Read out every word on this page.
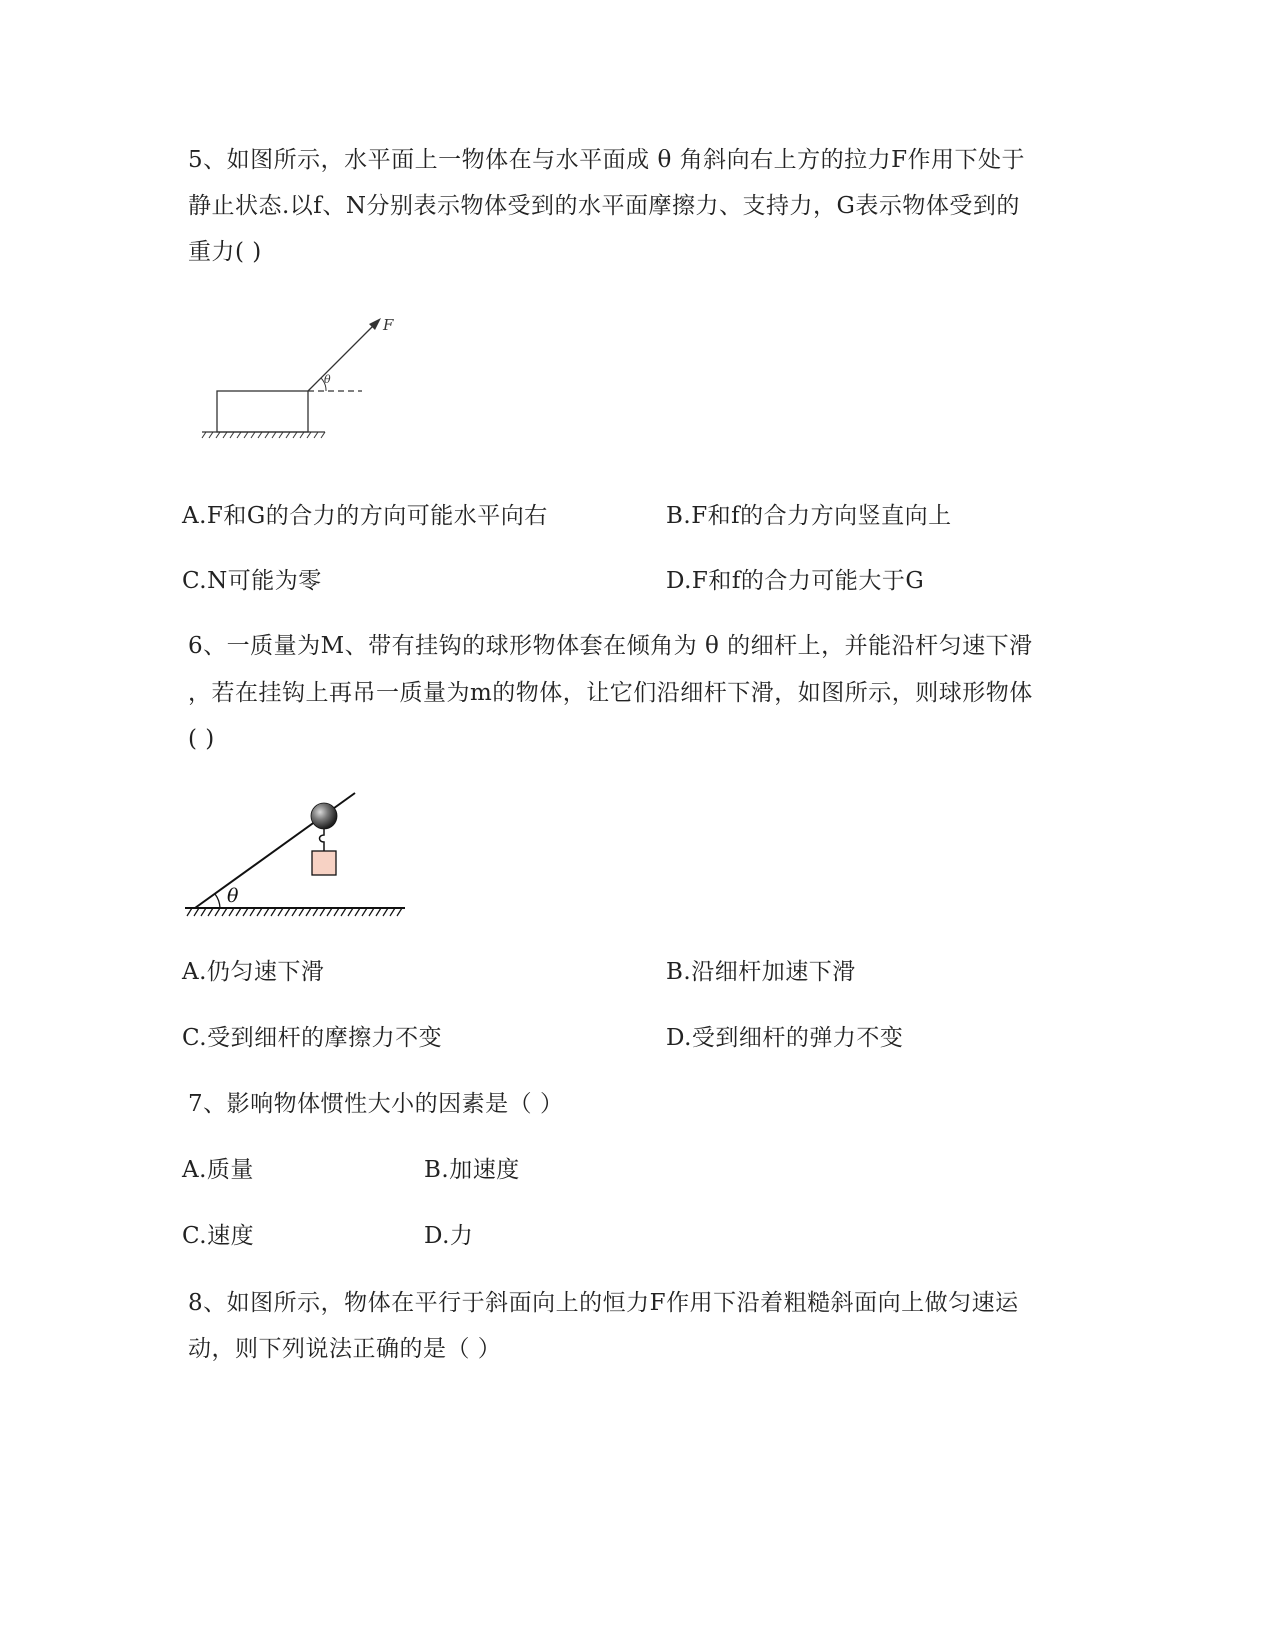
5、如图所示，水平面上一物体在与水平面成 θ 角斜向右上方的拉力F作用下处于
静止状态.以f、N分别表示物体受到的水平面摩擦力、支持力，G表示物体受到的
重力( )
F
θ
A.F和G的合力的方向可能水平向右	B.F和f的合力方向竖直向上
C.N可能为零	D.F和f的合力可能大于G
6、一质量为M、带有挂钩的球形物体套在倾角为 θ 的细杆上，并能沿杆匀速下滑
，若在挂钩上再吊一质量为m的物体，让它们沿细杆下滑，如图所示，则球形物体
( )
θ
A.仍匀速下滑	B.沿细杆加速下滑
C.受到细杆的摩擦力不变	D.受到细杆的弹力不变
7、影响物体惯性大小的因素是（ ）
A.质量	B.加速度
C.速度	D.力
8、如图所示，物体在平行于斜面向上的恒力F作用下沿着粗糙斜面向上做匀速运
动，则下列说法正确的是（ ）
